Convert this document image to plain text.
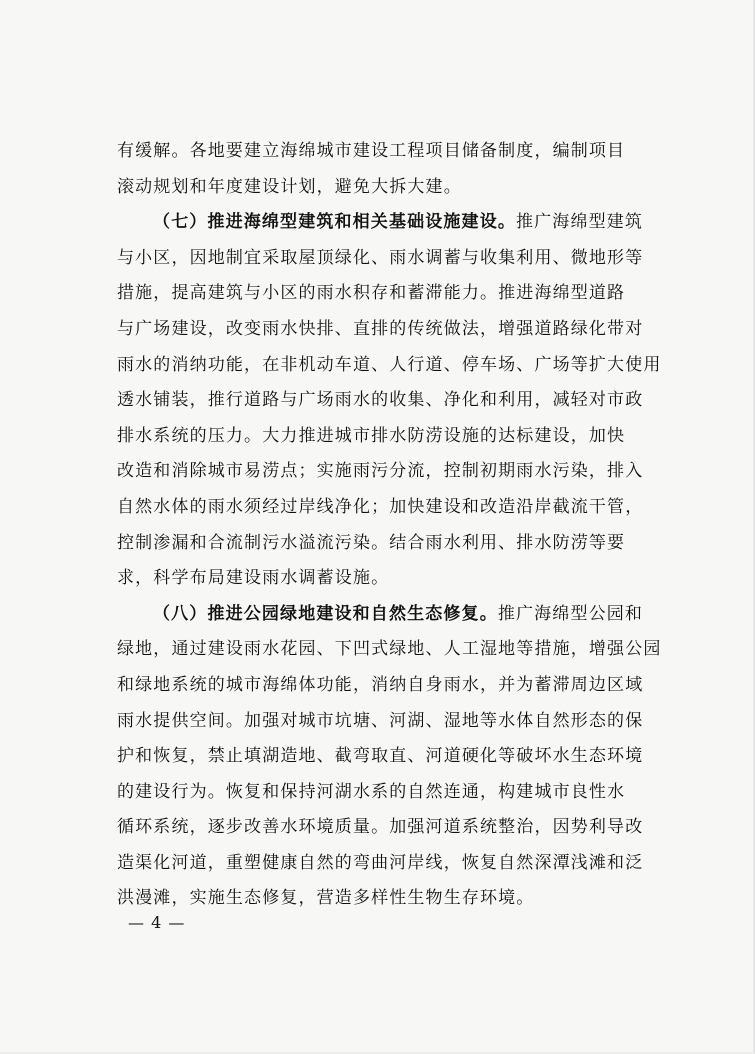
有缓解。各地要建立海绵城市建设工程项目储备制度，编制项目
滚动规划和年度建设计划，避免大拆大建。
（七）推进海绵型建筑和相关基础设施建设。推广海绵型建筑
与小区，因地制宜采取屋顶绿化、雨水调蓄与收集利用、微地形等
措施，提高建筑与小区的雨水积存和蓄滞能力。推进海绵型道路
与广场建设，改变雨水快排、直排的传统做法，增强道路绿化带对
雨水的消纳功能，在非机动车道、人行道、停车场、广场等扩大使用
透水铺装，推行道路与广场雨水的收集、净化和利用，减轻对市政
排水系统的压力。大力推进城市排水防涝设施的达标建设，加快
改造和消除城市易涝点；实施雨污分流，控制初期雨水污染，排入
自然水体的雨水须经过岸线净化；加快建设和改造沿岸截流干管，
控制渗漏和合流制污水溢流污染。结合雨水利用、排水防涝等要
求，科学布局建设雨水调蓄设施。
（八）推进公园绿地建设和自然生态修复。推广海绵型公园和
绿地，通过建设雨水花园、下凹式绿地、人工湿地等措施，增强公园
和绿地系统的城市海绵体功能，消纳自身雨水，并为蓄滞周边区域
雨水提供空间。加强对城市坑塘、河湖、湿地等水体自然形态的保
护和恢复，禁止填湖造地、截弯取直、河道硬化等破坏水生态环境
的建设行为。恢复和保持河湖水系的自然连通，构建城市良性水
循环系统，逐步改善水环境质量。加强河道系统整治，因势利导改
造渠化河道，重塑健康自然的弯曲河岸线，恢复自然深潭浅滩和泛
洪漫滩，实施生态修复，营造多样性生物生存环境。
— 4 —
